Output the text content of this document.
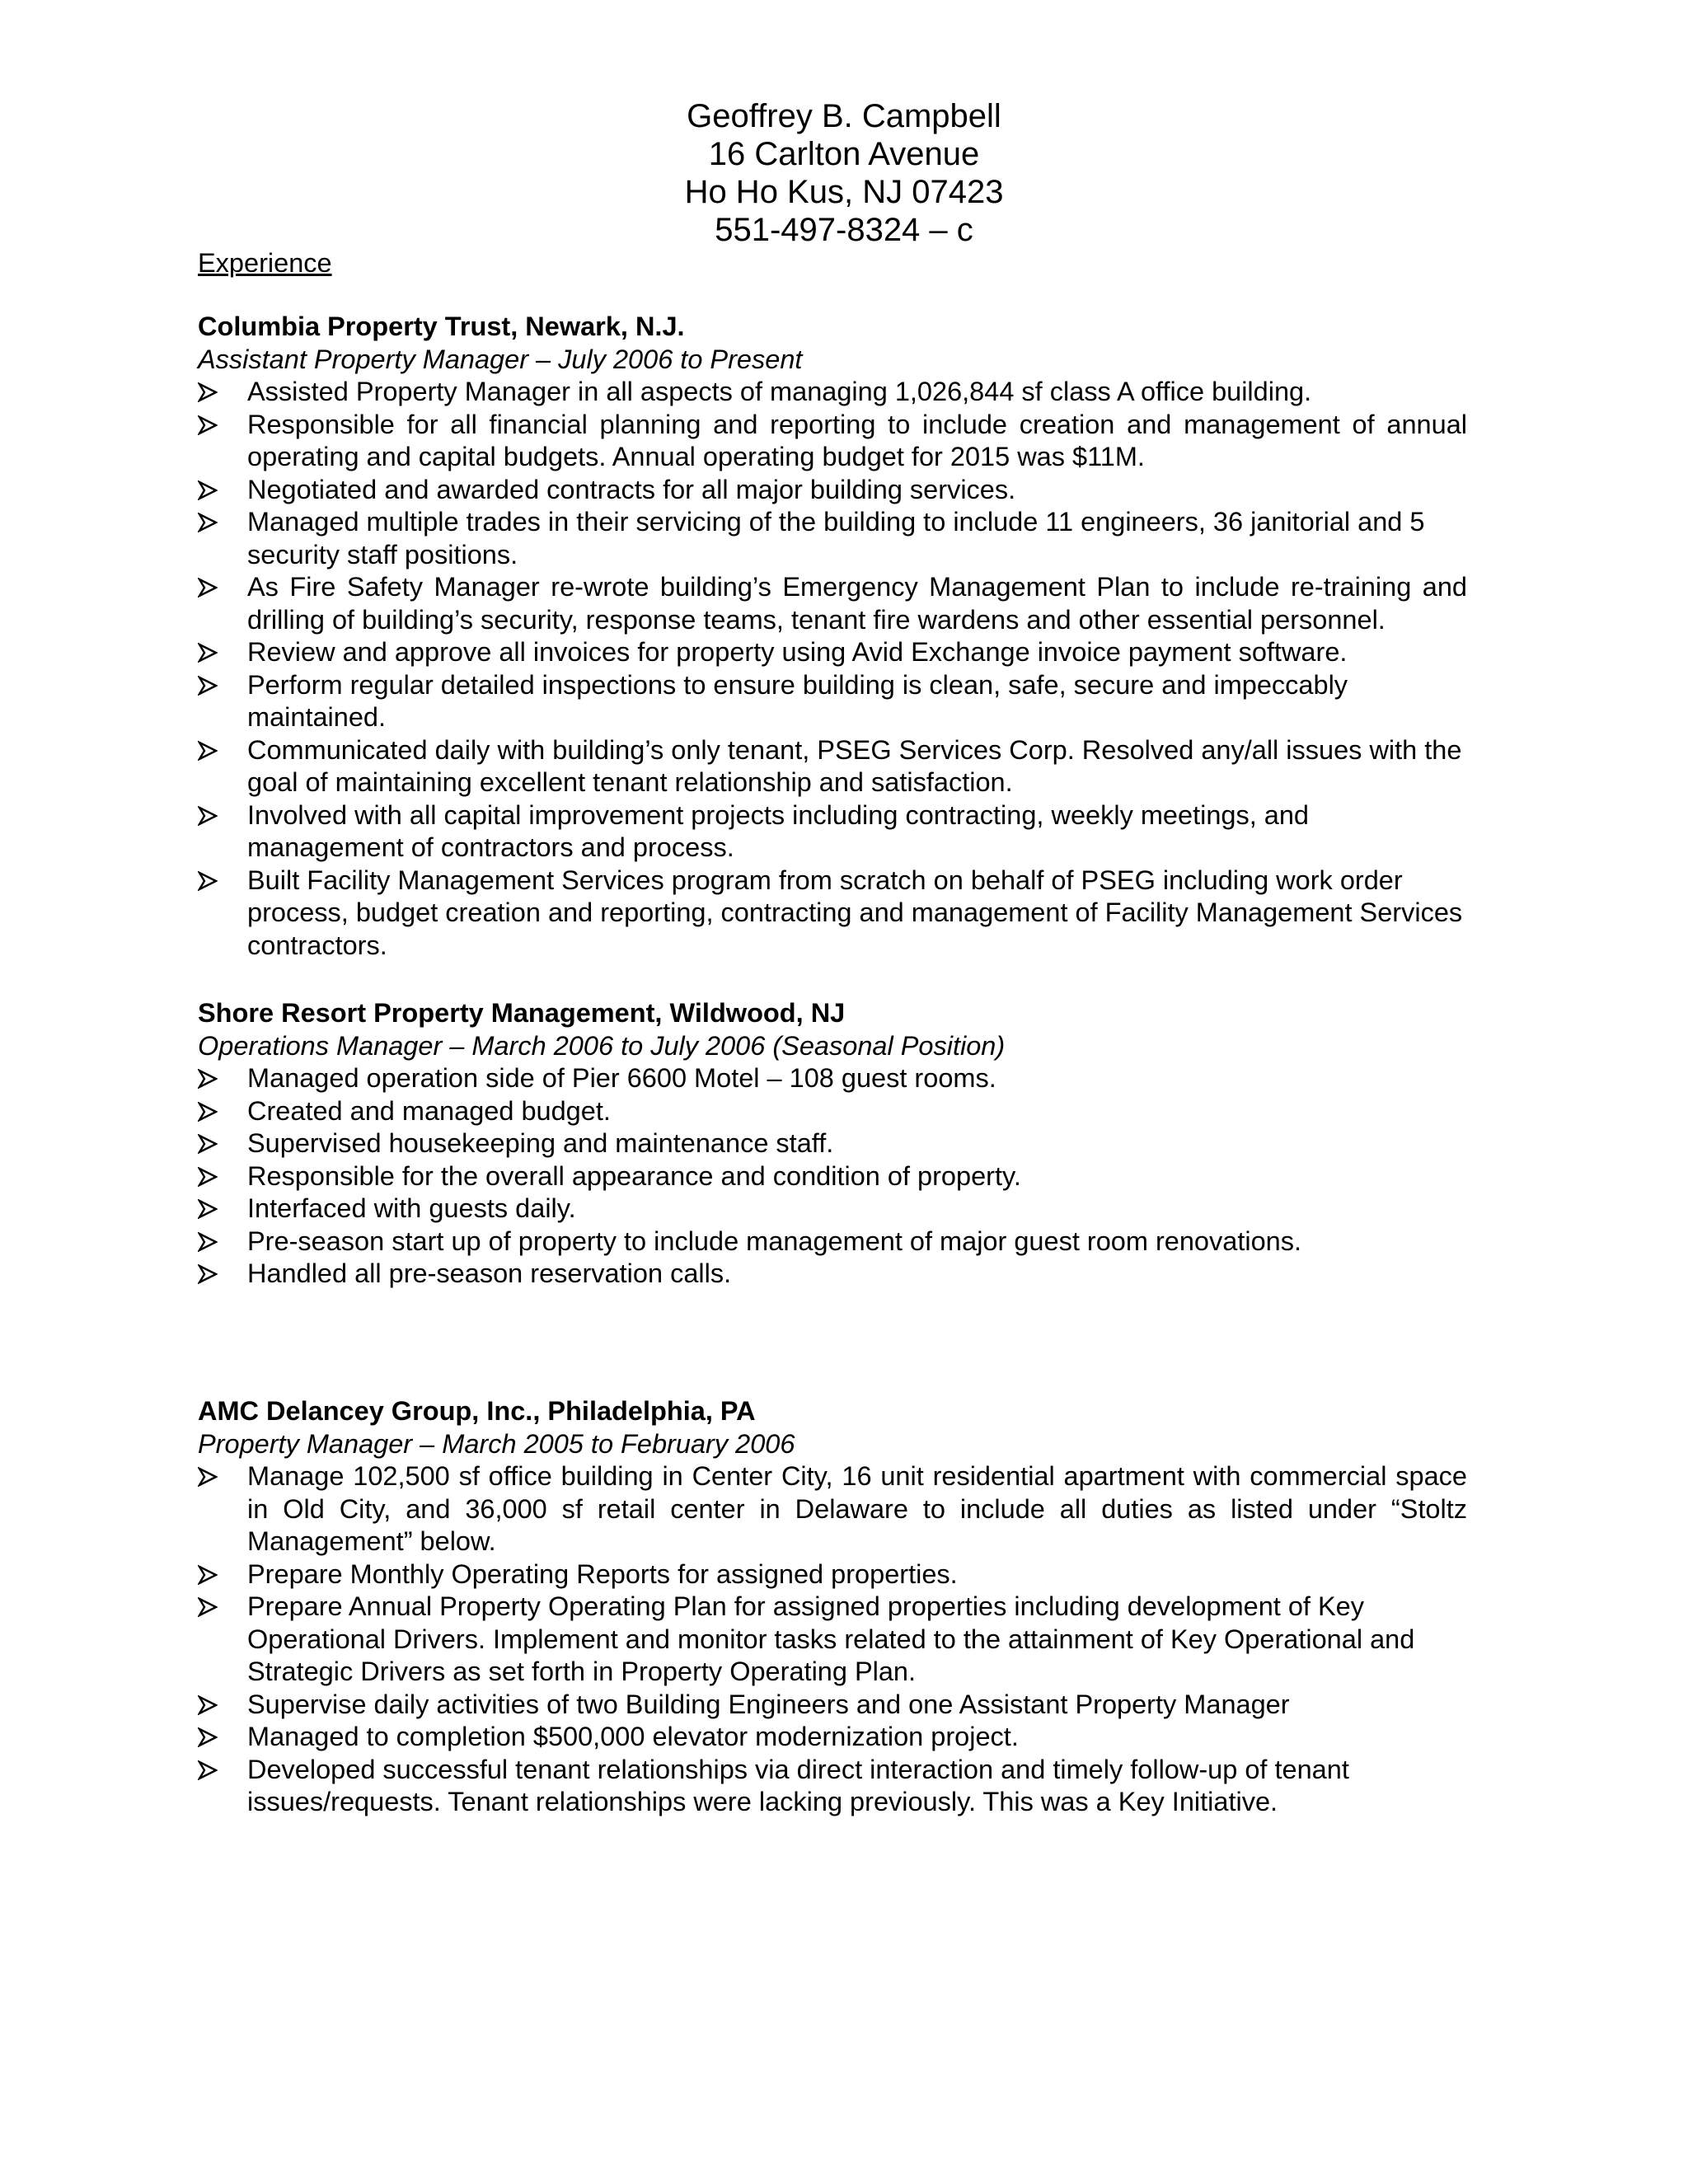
Geoffrey B. Campbell
16 Carlton Avenue
Ho Ho Kus, NJ 07423
551-497-8324 – c
Experience
Columbia Property Trust, Newark, N.J.
Assistant Property Manager – July 2006 to Present
Assisted Property Manager in all aspects of managing 1,026,844 sf class A office building.
Responsible for all financial planning and reporting to include creation and management of annual operating and capital budgets. Annual operating budget for 2015 was $11M.
Negotiated and awarded contracts for all major building services.
Managed multiple trades in their servicing of the building to include 11 engineers, 36 janitorial and 5 security staff positions.
As Fire Safety Manager re-wrote building’s Emergency Management Plan to include re-training and drilling of building’s security, response teams, tenant fire wardens and other essential personnel.
Review and approve all invoices for property using Avid Exchange invoice payment software.
Perform regular detailed inspections to ensure building is clean, safe, secure and impeccably maintained.
Communicated daily with building’s only tenant, PSEG Services Corp. Resolved any/all issues with the goal of maintaining excellent tenant relationship and satisfaction.
Involved with all capital improvement projects including contracting, weekly meetings, and management of contractors and process.
Built Facility Management Services program from scratch on behalf of PSEG including work order process, budget creation and reporting, contracting and management of Facility Management Services contractors.
Shore Resort Property Management, Wildwood, NJ
Operations Manager – March 2006 to July 2006 (Seasonal Position)
Managed operation side of Pier 6600 Motel – 108 guest rooms.
Created and managed budget.
Supervised housekeeping and maintenance staff.
Responsible for the overall appearance and condition of property.
Interfaced with guests daily.
Pre-season start up of property to include management of major guest room renovations.
Handled all pre-season reservation calls.
AMC Delancey Group, Inc., Philadelphia, PA
Property Manager – March 2005 to February 2006
Manage 102,500 sf office building in Center City, 16 unit residential apartment with commercial space in Old City, and 36,000 sf retail center in Delaware to include all duties as listed under “Stoltz Management” below.
Prepare Monthly Operating Reports for assigned properties.
Prepare Annual Property Operating Plan for assigned properties including development of Key Operational Drivers. Implement and monitor tasks related to the attainment of Key Operational and Strategic Drivers as set forth in Property Operating Plan.
Supervise daily activities of two Building Engineers and one Assistant Property Manager
Managed to completion $500,000 elevator modernization project.
Developed successful tenant relationships via direct interaction and timely follow-up of tenant issues/requests. Tenant relationships were lacking previously. This was a Key Initiative.
